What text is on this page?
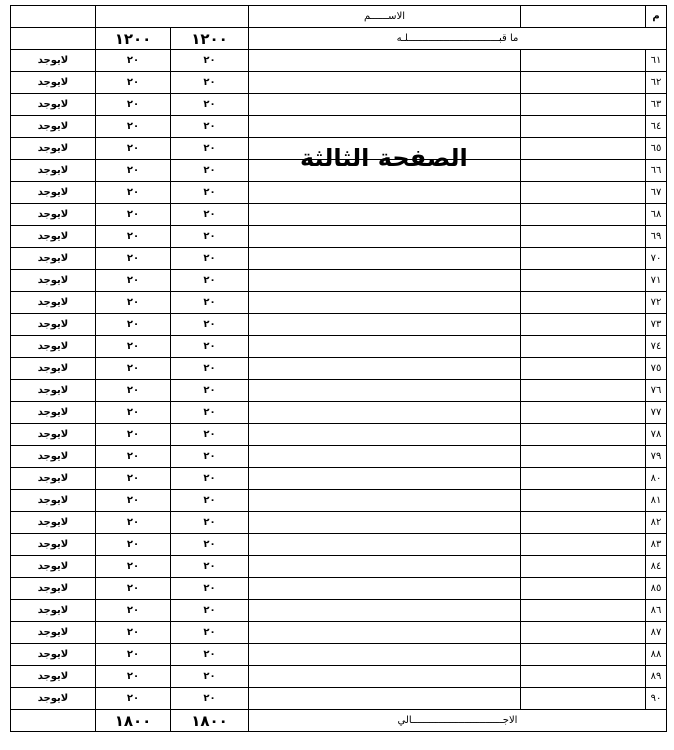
			الاســــــم		م

	١٢٠٠	١٢٠٠	ما قبـــــــــــــــــــــــــــــــلـه		
لايوجد	٢٠	٢٠			٦١
لايوجد	٢٠	٢٠			٦٢
لايوجد	٢٠	٢٠			٦٣
لايوجد	٢٠	٢٠			٦٤
لايوجد	٢٠	٢٠			٦٥
لايوجد	٢٠	٢٠			٦٦
لايوجد	٢٠	٢٠			٦٧
لايوجد	٢٠	٢٠			٦٨
لايوجد	٢٠	٢٠			٦٩
لايوجد	٢٠	٢٠			٧٠
لايوجد	٢٠	٢٠			٧١
لايوجد	٢٠	٢٠			٧٢
لايوجد	٢٠	٢٠			٧٣
لايوجد	٢٠	٢٠			٧٤
لايوجد	٢٠	٢٠			٧٥
لايوجد	٢٠	٢٠			٧٦
لايوجد	٢٠	٢٠			٧٧
لايوجد	٢٠	٢٠			٧٨
لايوجد	٢٠	٢٠			٧٩
لايوجد	٢٠	٢٠			٨٠
لايوجد	٢٠	٢٠			٨١
لايوجد	٢٠	٢٠			٨٢
لايوجد	٢٠	٢٠			٨٣
لايوجد	٢٠	٢٠			٨٤
لايوجد	٢٠	٢٠			٨٥
لايوجد	٢٠	٢٠			٨٦
لايوجد	٢٠	٢٠			٨٧
لايوجد	٢٠	٢٠			٨٨
لايوجد	٢٠	٢٠			٨٩
لايوجد	٢٠	٢٠			٩٠
	١٨٠٠	١٨٠٠	الاجـــــــــــــــــــــــــــــــالي		
الصفحة الثالثة
